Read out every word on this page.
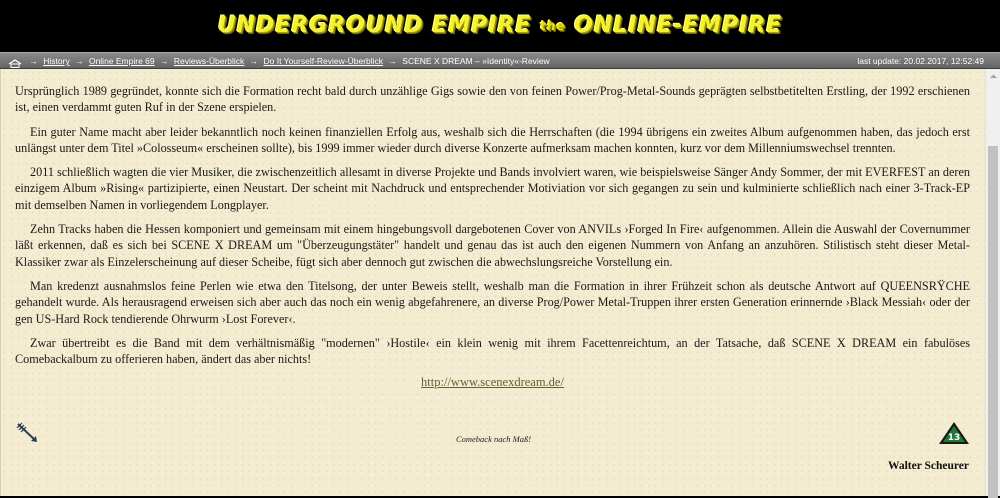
UNDERGROUND EMPIRE the ONLINE-EMPIRE
→ History → Online Empire 69 → Reviews-Überblick → Do It Yourself-Review-Überblick → SCENE X DREAM – »Identity«-Review	last update: 20.02.2017, 12:52:49

Ursprünglich 1989 gegründet, konnte sich die Formation recht bald durch unzählige Gigs sowie den von feinen Power/Prog-Metal-Sounds geprägten selbstbetitelten Erstling, der 1992 erschienen ist, einen verdammt guten Ruf in der Szene erspielen.

Ein guter Name macht aber leider bekanntlich noch keinen finanziellen Erfolg aus, weshalb sich die Herrschaften (die 1994 übrigens ein zweites Album aufgenommen haben, das jedoch erst unlängst unter dem Titel »Colosseum« erscheinen sollte), bis 1999 immer wieder durch diverse Konzerte aufmerksam machen konnten, kurz vor dem Millenniumswechsel trennten.

2011 schließlich wagten die vier Musiker, die zwischenzeitlich allesamt in diverse Projekte und Bands involviert waren, wie beispielsweise Sänger Andy Sommer, der mit EVERFEST an deren einzigem Album »Rising« partizipierte, einen Neustart. Der scheint mit Nachdruck und entsprechender Motiviation vor sich gegangen zu sein und kulminierte schließlich nach einer 3-Track-EP mit demselben Namen in vorliegendem Longplayer.

Zehn Tracks haben die Hessen komponiert und gemeinsam mit einem hingebungsvoll dargebotenen Cover von ANVILs ›Forged In Fire‹ aufgenommen. Allein die Auswahl der Covernummer läßt erkennen, daß es sich bei SCENE X DREAM um "Überzeugungstäter" handelt und genau das ist auch den eigenen Nummern von Anfang an anzuhören. Stilistisch steht dieser Metal-Klassiker zwar als Einzelerscheinung auf dieser Scheibe, fügt sich aber dennoch gut zwischen die abwechslungsreiche Vorstellung ein.

Man kredenzt ausnahmslos feine Perlen wie etwa den Titelsong, der unter Beweis stellt, weshalb man die Formation in ihrer Frühzeit schon als deutsche Antwort auf QUEENSRŸCHE gehandelt wurde. Als herausragend erweisen sich aber auch das noch ein wenig abgefahrenere, an diverse Prog/Power Metal-Truppen ihrer ersten Generation erinnernde ›Black Messiah‹ oder der gen US-Hard Rock tendierende Ohrwurm ›Lost Forever‹.

Zwar übertreibt es die Band mit dem verhältnismäßig "modernen" ›Hostile‹ ein klein wenig mit ihrem Facettenreichtum, an der Tatsache, daß SCENE X DREAM ein fabulöses Comebackalbum zu offerieren haben, ändert das aber nichts!

http://www.scenexdream.de/
Comeback nach Maß!	13
Walter Scheurer
